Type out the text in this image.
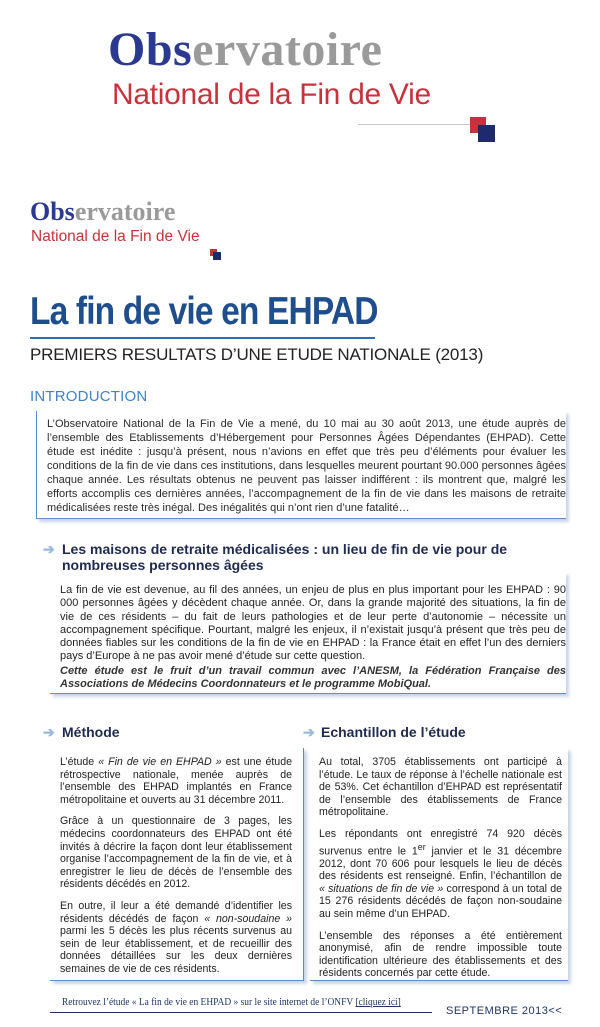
Observatoire
National de la Fin de Vie
Observatoire
National de la Fin de Vie
La fin de vie en EHPAD
PREMIERS RESULTATS D’UNE ETUDE NATIONALE (2013)
INTRODUCTION
L’Observatoire National de la Fin de Vie a mené, du 10 mai au 30 août 2013, une étude auprès de l’ensemble des Etablissements d’Hébergement pour Personnes Âgées Dépendantes (EHPAD). Cette étude est inédite : jusqu’à présent, nous n’avions en effet que très peu d’éléments pour évaluer les conditions de la fin de vie dans ces institutions, dans lesquelles meurent pourtant 90.000 personnes âgées chaque année. Les résultats obtenus ne peuvent pas laisser indifférent : ils montrent que, malgré les efforts accomplis ces dernières années, l’accompagnement de la fin de vie dans les maisons de retraite médicalisées reste très inégal. Des inégalités qui n’ont rien d’une fatalité…
➔ Les maisons de retraite médicalisées : un lieu de fin de vie pour de nombreuses personnes âgées
La fin de vie est devenue, au fil des années, un enjeu de plus en plus important pour les EHPAD : 90 000 personnes âgées y décèdent chaque année. Or, dans la grande majorité des situations, la fin de vie de ces résidents – du fait de leurs pathologies et de leur perte d’autonomie – nécessite un accompagnement spécifique. Pourtant, malgré les enjeux, il n’existait jusqu’à présent que très peu de données fiables sur les conditions de la fin de vie en EHPAD : la France était en effet l’un des derniers pays d’Europe à ne pas avoir mené d’étude sur cette question.
Cette étude est le fruit d’un travail commun avec l’ANESM, la Fédération Française des Associations de Médecins Coordonnateurs et le programme MobiQual.
➔ Méthode

L’étude « Fin de vie en EHPAD » est une étude rétrospective nationale, menée auprès de l’ensemble des EHPAD implantés en France métropolitaine et ouverts au 31 décembre 2011.

Grâce à un questionnaire de 3 pages, les médecins coordonnateurs des EHPAD ont été invités à décrire la façon dont leur établissement organise l’accompagnement de la fin de vie, et à enregistrer le lieu de décès de l’ensemble des résidents décédés en 2012.

En outre, il leur a été demandé d’identifier les résidents décédés de façon « non-soudaine » parmi les 5 décès les plus récents survenus au sein de leur établissement, et de recueillir des données détaillées sur les deux dernières semaines de vie de ces résidents.

➔ Echantillon de l’étude

Au total, 3705 établissements ont participé à l’étude. Le taux de réponse à l’échelle nationale est de 53%. Cet échantillon d’EHPAD est représentatif de l’ensemble des établissements de France métropolitaine.

Les répondants ont enregistré 74 920 décès survenus entre le 1er janvier et le 31 décembre 2012, dont 70 606 pour lesquels le lieu de décès des résidents est renseigné. Enfin, l’échantillon de « situations de fin de vie » correspond à un total de 15 276 résidents décédés de façon non-soudaine au sein même d’un EHPAD.

L’ensemble des réponses a été entièrement anonymisé, afin de rendre impossible toute identification ultérieure des établissements et des résidents concernés par cette étude.

Retrouvez l’étude « La fin de vie en EHPAD » sur le site internet de l’ONFV [cliquez ici]
SEPTEMBRE 2013<<
